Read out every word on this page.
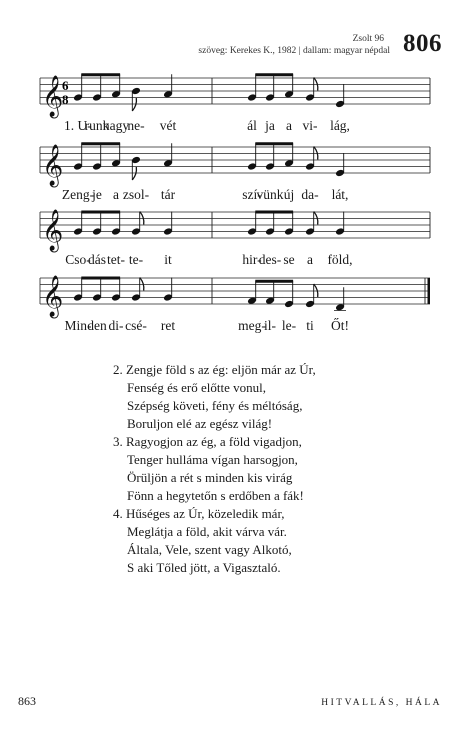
Zsolt 96
szöveg: Kerekes K., 1982 | dallam: magyar népdal 806
𝄞
6
8
1. U-
runk
nagy
ne- vét	ál ja a vi- lág,
𝄞
Zeng-
je a zsol- tár	szí-
vünk új da- lát,
𝄞
Cso-
dás tet- te- it	hir-
des- se a föld,
𝄞
Min-
den di- csé- ret	meg-
il- le- ti Őt!
2. Zengje föld s az ég: eljön már az Úr,
Fenség és erő előtte vonul,
Szépség követi, fény és méltóság,
Boruljon elé az egész világ!
3. Ragyogjon az ég, a föld vigadjon,
Tenger hulláma vígan harsogjon,
Örüljön a rét s minden kis virág
Fönn a hegytetőn s erdőben a fák!
4. Hűséges az Úr, közeledik már,
Meglátja a föld, akit várva vár.
Általa, Vele, szent vagy Alkotó,
S aki Tőled jött, a Vigasztaló.
863	HITVALLÁS, HÁLA
